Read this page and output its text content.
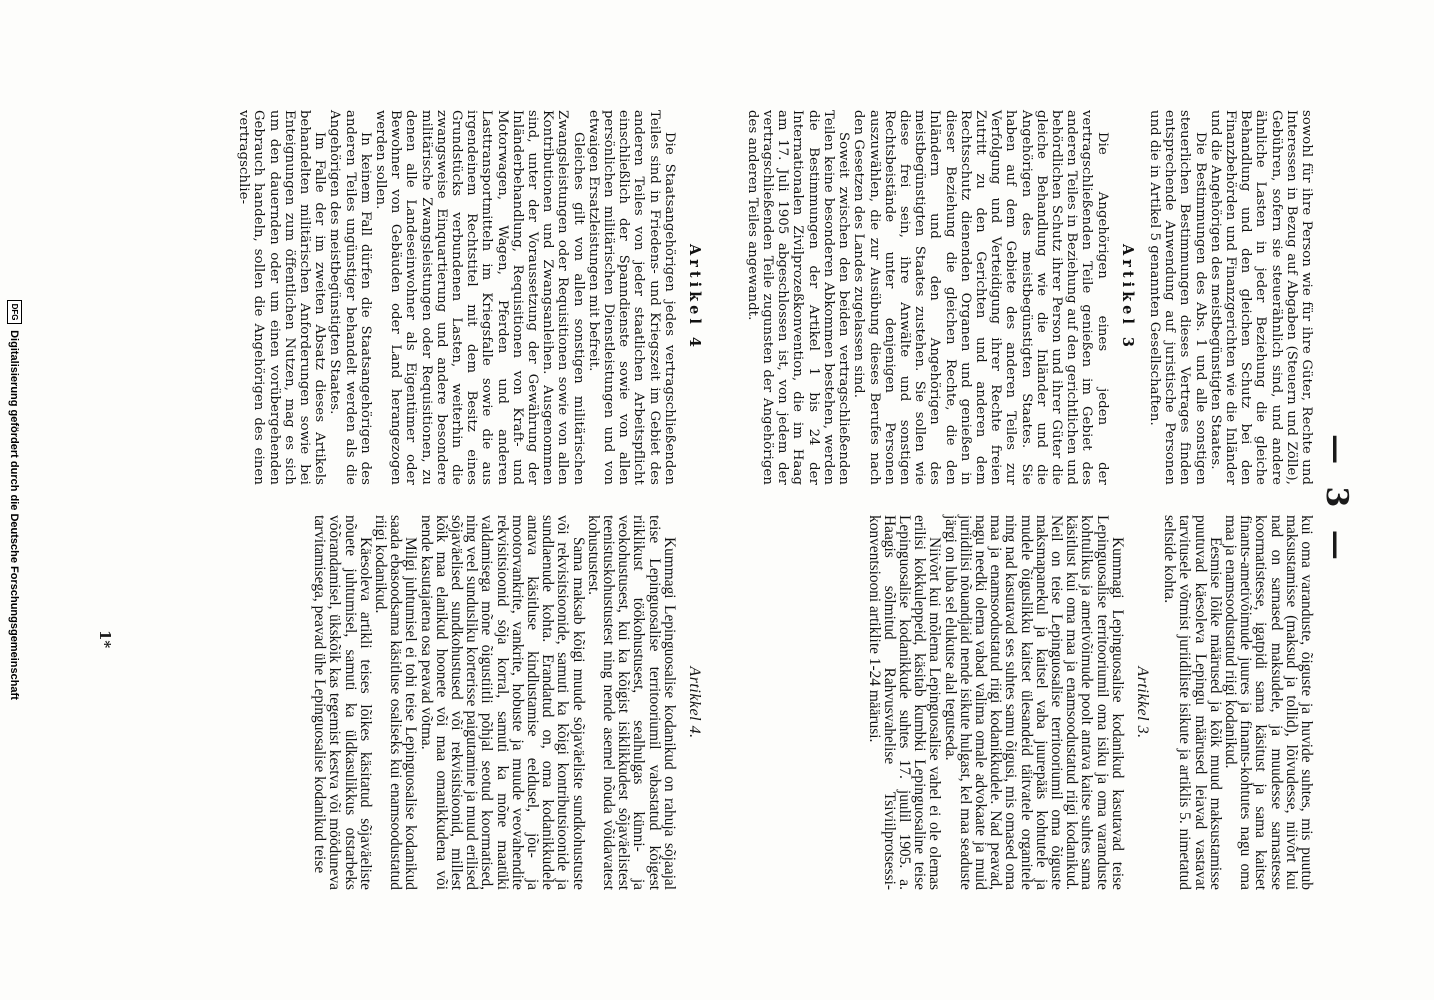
— 3 —

sowohl für ihre Person wie für ihre Güter, Rechte und Interessen in Bezug auf Abgaben (Steuern und Zölle), Gebühren, sofern sie steuerähnlich sind, und andere ähnliche Lasten in jeder Beziehung die gleiche Behandlung und den gleichen Schutz bei den Finanzbehörden und Finanzgerichten wie die Inländer und die Angehörigen des meistbegünstigten Staates.

Die Bestimmungen des Abs. 1 und alle sonstigen steuerlichen Bestimmungen dieses Vertrages finden entsprechende Anwendung auf juristische Personen und die in Artikel 5 genannten Gesellschaften.

Artikel 3

Die Angehörigen eines jeden der vertragschließenden Teile genießen im Gebiet des anderen Teiles in Beziehung auf den gerichtlichen und behördlichen Schutz ihrer Person und ihrer Güter die gleiche Behandlung wie die Inländer und die Angehörigen des meistbegünstigten Staates. Sie haben auf dem Gebiete des anderen Teiles zur Verfolgung und Verteidigung ihrer Rechte freien Zutritt zu den Gerichten und anderen dem Rechtsschutz dienenden Organen und genießen in dieser Beziehung die gleichen Rechte, die den Inländern und den Angehörigen des meistbegünstigten Staates zustehen. Sie sollen wie diese frei sein, ihre Anwälte und sonstigen Rechtsbeistände unter denjenigen Personen auszuwählen, die zur Ausübung dieses Berufes nach den Gesetzen des Landes zugelassen sind.

Soweit zwischen den beiden vertragschließenden Teilen keine besonderen Abkommen bestehen, werden die Bestimmungen der Artikel 1 bis 24 der Internationalen Zivilprozeßkonvention, die im Haag am 17. Juli 1905 abgeschlossen ist, von jedem der vertragschließenden Teile zugunsten der Angehörigen des anderen Teiles angewandt.

kui oma varanduste, õiguste ja huvide suhtes, mis puutub maksustamisse (maksud ja tollid), lõivudesse, niivõrt kui nad on sarnased maksudele, ja muudesse sarnastesse koormatistesse, igatpidi sama käsitust ja sama kaitset finants-ametivõimude juures ja finants-kohtutes nagu oma maa ja enamsoodustatud riigi kodanikud.

Eesmise lõike määrused ja kõik muud maksustamisse puutuvad käesoleva Lepingu määrused leiavad vastavat tarvitusele võtmist juriidiliste isikute ja artiklis 5. nimetatud seltside kohta.

Artikkel 3.

Kummagi Lepinguosalise kodanikud kasutavad teise Lepinguosalise territooriumil oma isiku ja oma varanduste kohtulikus ja ametivõimude poolt antava kaitse suhtes sama käsitlust kui oma maa ja enamsoodustatud riigi kodanikud. Neil on teise Lepinguosalise territooriumil oma õiguste maksmapanekul ja kaitsel vaba juurepääs kohtutele ja mudele õiguslikku kaitset ülesandeid täitvatele organitele ning nad kasutavad ses suhtes samu õigusi, mis omased oma maa ja enamsoodustatud riigi kodanikkudele. Nad peavad, nagu needki olema vabad valima omale advokaate ja muid juriidilisi nõuandjaid nende isikute hulgast, kel maa seaduste järgi on luba sel elukutse alal tegutseda.

Niivõrt kui mõlema Lepinguosalise vahel ei ole olemas erilisi kokkuleppeid, käsitab kumbki Lepinguosaline teise Lepinguosalise kodanikkude suhtes 17. juulil 1905. a. Haagis sõlmitud Rahvusvahelise Tsiviilprotsessi-konventsiooni artiklite 1-24 määrusi.

Artikel 4

Die Staatsangehörigen jedes vertragschließenden Teiles sind in Friedens- und Kriegszeit im Gebiet des anderen Teiles von jeder staatlichen Arbeitspflicht einschließlich der Spanndienste sowie von allen persönlichen militärischen Dienstleistungen und von etwaigen Ersatzleistungen mit befreit.

Gleiches gilt von allen sonstigen militärischen Zwangsleistungen oder Requisitionen sowie von allen Kontributionen und Zwangsanleihen. Ausgenommen sind, unter der Voraussetzung der Gewährung der Inländerbehandlung, Requisitionen von Kraft- und Motorwagen, Wagen, Pferden und anderen Lasttransportmitteln im Kriegsfalle sowie die aus irgendeinem Rechtstitel mit dem Besitz eines Grundstücks verbundenen Lasten, weiterhin die zwangsweise Einquartierung und andere besondere militärische Zwangsleistungen oder Requisitionen, zu denen alle Landeseinwohner als Eigentümer oder Bewohner von Gebäuden oder Land herangezogen werden sollen.

In keinem Fall dürfen die Staatsangehörigen des anderen Teiles ungünstiger behandelt werden als die Angehörigen des meistbegünstigten Staates.

Im Falle der im zweiten Absatz dieses Artikels behandelten militärischen Anforderungen sowie bei Enteignungen zum öffentlichen Nutzen, mag es sich um den dauernden oder um einen vorübergehenden Gebrauch handeln, sollen die Angehörigen des einen vertragschlie-

Artikkel 4.

Kummagi Lepinguosalise kodanikud on rahuja sõjaajal teise Lepinguosalise territooriumil vabastatud kõigest riiklikust töökohustusest, sealhulgas künni- ja veokohustusest, kui ka kõigist isiklikkudest sõjaväelistest teenistuskohustustest ning nende asemel nõuda võidavatest kohustustest.

Sama maksab kõigi muude sõjaväeliste sundkohustuste või rekvisitsioonide, samuti ka kõigi kontributsioonide ja sundlaenude kohta. Erandatud on, oma kodanikkudele antava käsitluse kindlustamise eeldusel, jõu- ja mootorvankrite, vankrite, hobuste ja muude veovahendite rekvisitsioonid sõja korral, samuti ka mõne maatüki valdamisega mõne õigustiitli põhjal seotud koormatised, ning veel sundusliku korterisse paigutamine ja muud erilised sõjaväelised sundkohustused või rekvisitsioonid, millest kõik maa elanikud hoonete või maa omanikkudena või nende kasutajatena osa peavad võtma.

Milgi juhtumisel ei tohi teise Lepinguosalise kodanikud saada ebasoodsama käsitluse osaliseks kui enamsoodustatud riigi kodanikud.

Käesoleva artikli teises lõikes käsitatud sõjaväeliste nõuete juhtumisel, samuti ka üldkasulikkus otstarbeks võõrandamisel, ükskõik kas tegemist kestva või mööduneva tarvitamisega, peavad ühe Lepinguosalise kodanikud teise

1*
DFG
Digitalisierung gefördert durch die Deutsche Forschungsgemeinschaft
